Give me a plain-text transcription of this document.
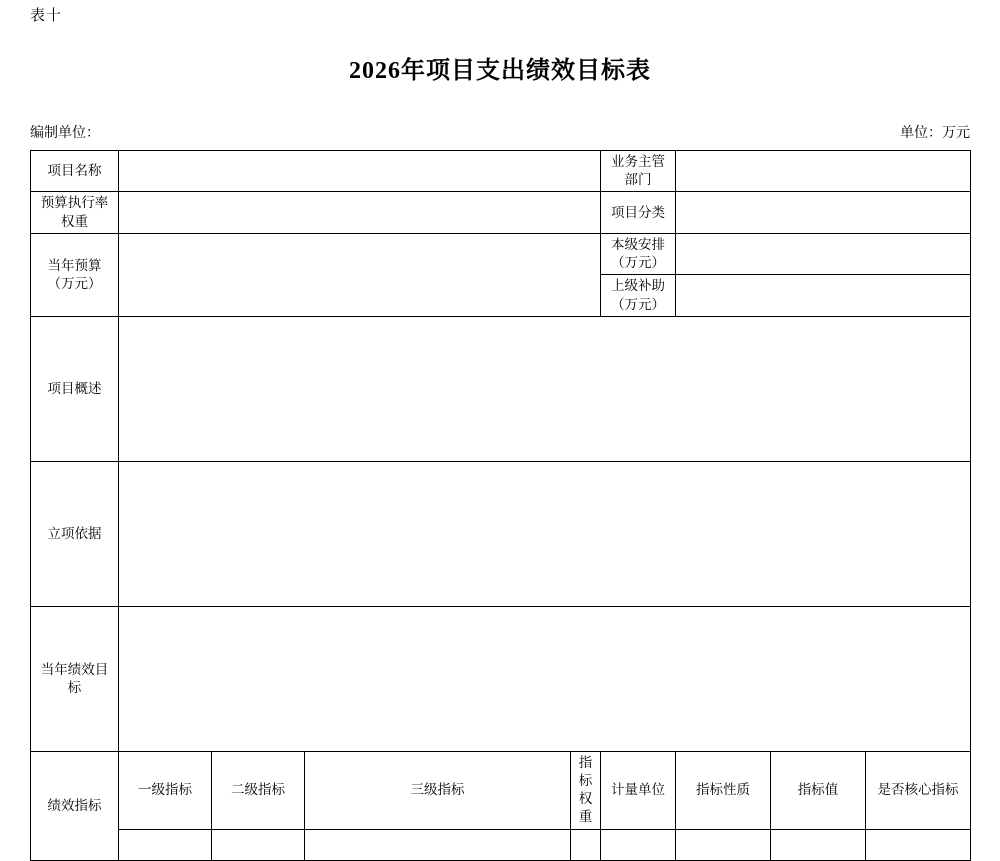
表十
2026年项目支出绩效目标表
编制单位：	单位：万元
项目名称					业务主管部门			
预算执行率权重					项目分类			
当年预算（万元）					本级安排（万元）			
					上级补助（万元）			
项目概述								
立项依据								
当年绩效目标								
绩效指标	一级指标	二级指标	三级指标	指标权重	计量单位	指标性质	指标值	是否核心指标
